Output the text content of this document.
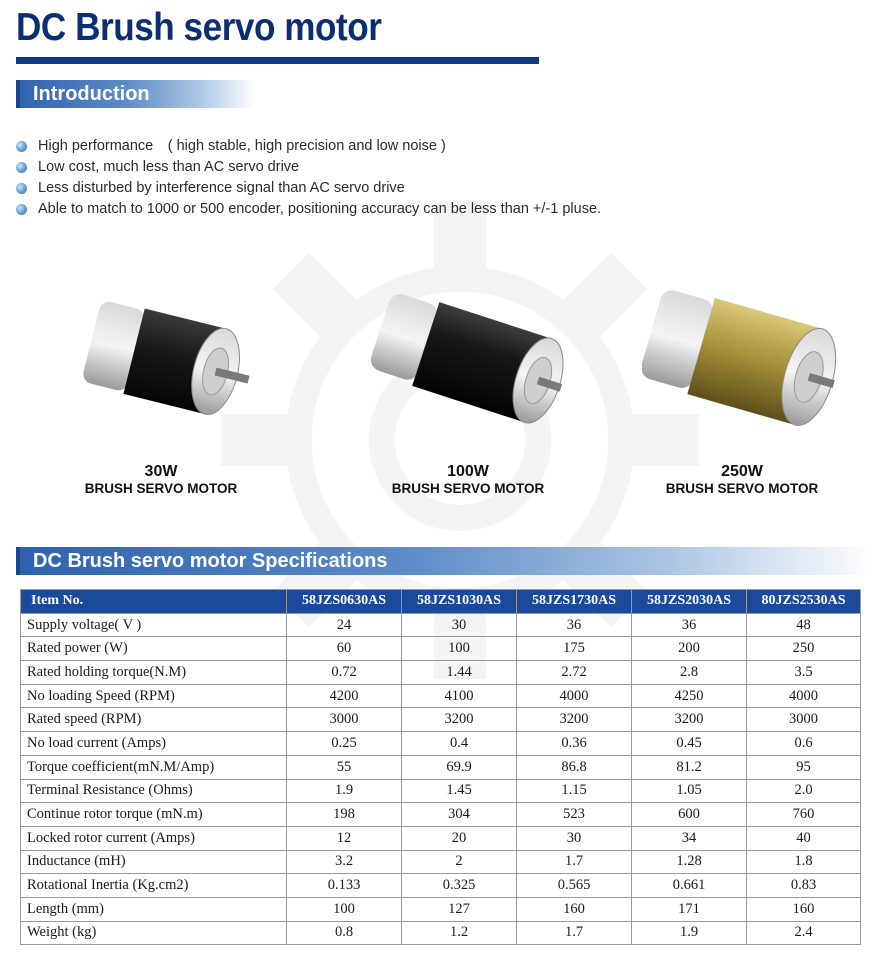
DC Brush servo motor
Introduction
High performance　( high stable, high precision and low noise )
Low cost, much less than AC servo drive
Less disturbed by interference signal than AC servo drive
Able to match to 1000 or 500 encoder, positioning accuracy can be less than +/-1 pluse.
30W
BRUSH SERVO MOTOR
100W
BRUSH SERVO MOTOR
250W
BRUSH SERVO MOTOR
DC Brush servo motor Specifications
Item No.	58JZS0630AS	58JZS1030AS	58JZS1730AS	58JZS2030AS	80JZS2530AS
Supply voltage( V )	24	30	36	36	48
Rated power (W)	60	100	175	200	250
Rated holding torque(N.M)	0.72	1.44	2.72	2.8	3.5
No loading Speed (RPM)	4200	4100	4000	4250	4000
Rated speed (RPM)	3000	3200	3200	3200	3000
No load current (Amps)	0.25	0.4	0.36	0.45	0.6
Torque coefficient(mN.M/Amp)	55	69.9	86.8	81.2	95
Terminal Resistance (Ohms)	1.9	1.45	1.15	1.05	2.0
Continue rotor torque (mN.m)	198	304	523	600	760
Locked rotor current (Amps)	12	20	30	34	40
Inductance (mH)	3.2	2	1.7	1.28	1.8
Rotational Inertia (Kg.cm2)	0.133	0.325	0.565	0.661	0.83
Length (mm)	100	127	160	171	160
Weight (kg)	0.8	1.2	1.7	1.9	2.4
